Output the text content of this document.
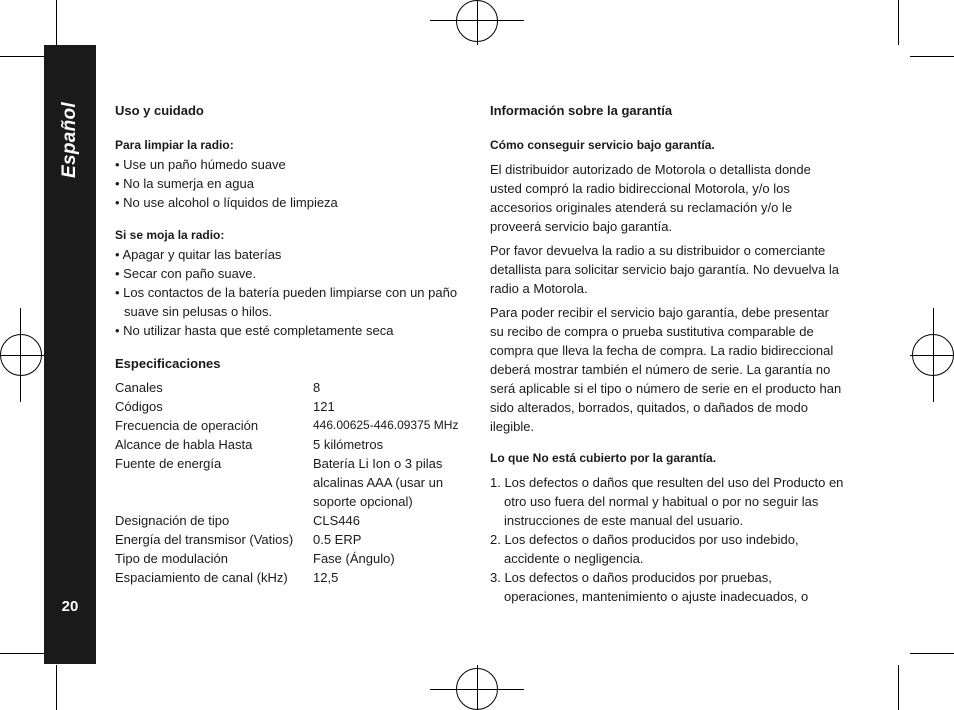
Español
20

Uso y cuidado

Para limpiar la radio:

• Use un paño húmedo suave

• No la sumerja en agua

• No use alcohol o líquidos de limpieza

Si se moja la radio:

• Apagar y quitar las baterías

• Secar con paño suave.

• Los contactos de la batería pueden limpiarse con un paño suave sin pelusas o hilos.

• No utilizar hasta que esté completamente seca

Especificaciones

Canales	8
Códigos	121
Frecuencia de operación	446.00625-446.09375 MHz
Alcance de habla Hasta	5 kilómetros
Fuente de energía	Batería Li Ion o 3 pilas alcalinas AAA (usar un soporte opcional)
Designación de tipo	CLS446
Energía del transmisor (Vatios)	0.5 ERP
Tipo de modulación	Fase (Ángulo)
Espaciamiento de canal (kHz)	12,5

Información sobre la garantía

Cómo conseguir servicio bajo garantía.

El distribuidor autorizado de Motorola o detallista donde usted compró la radio bidireccional Motorola, y/o los accesorios originales atenderá su reclamación y/o le proveerá servicio bajo garantía.

Por favor devuelva la radio a su distribuidor o comerciante detallista para solicitar servicio bajo garantía. No devuelva la radio a Motorola.

Para poder recibir el servicio bajo garantía, debe presentar su recibo de compra o prueba sustitutiva comparable de compra que lleva la fecha de compra. La radio bidireccional deberá mostrar también el número de serie. La garantía no será aplicable si el tipo o número de serie en el producto han sido alterados, borrados, quitados, o dañados de modo ilegible.

Lo que No está cubierto por la garantía.

1. Los defectos o daños que resulten del uso del Producto en otro uso fuera del normal y habitual o por no seguir las instrucciones de este manual del usuario.

2. Los defectos o daños producidos por uso indebido, accidente o negligencia.

3. Los defectos o daños producidos por pruebas, operaciones, mantenimiento o ajuste inadecuados, o
